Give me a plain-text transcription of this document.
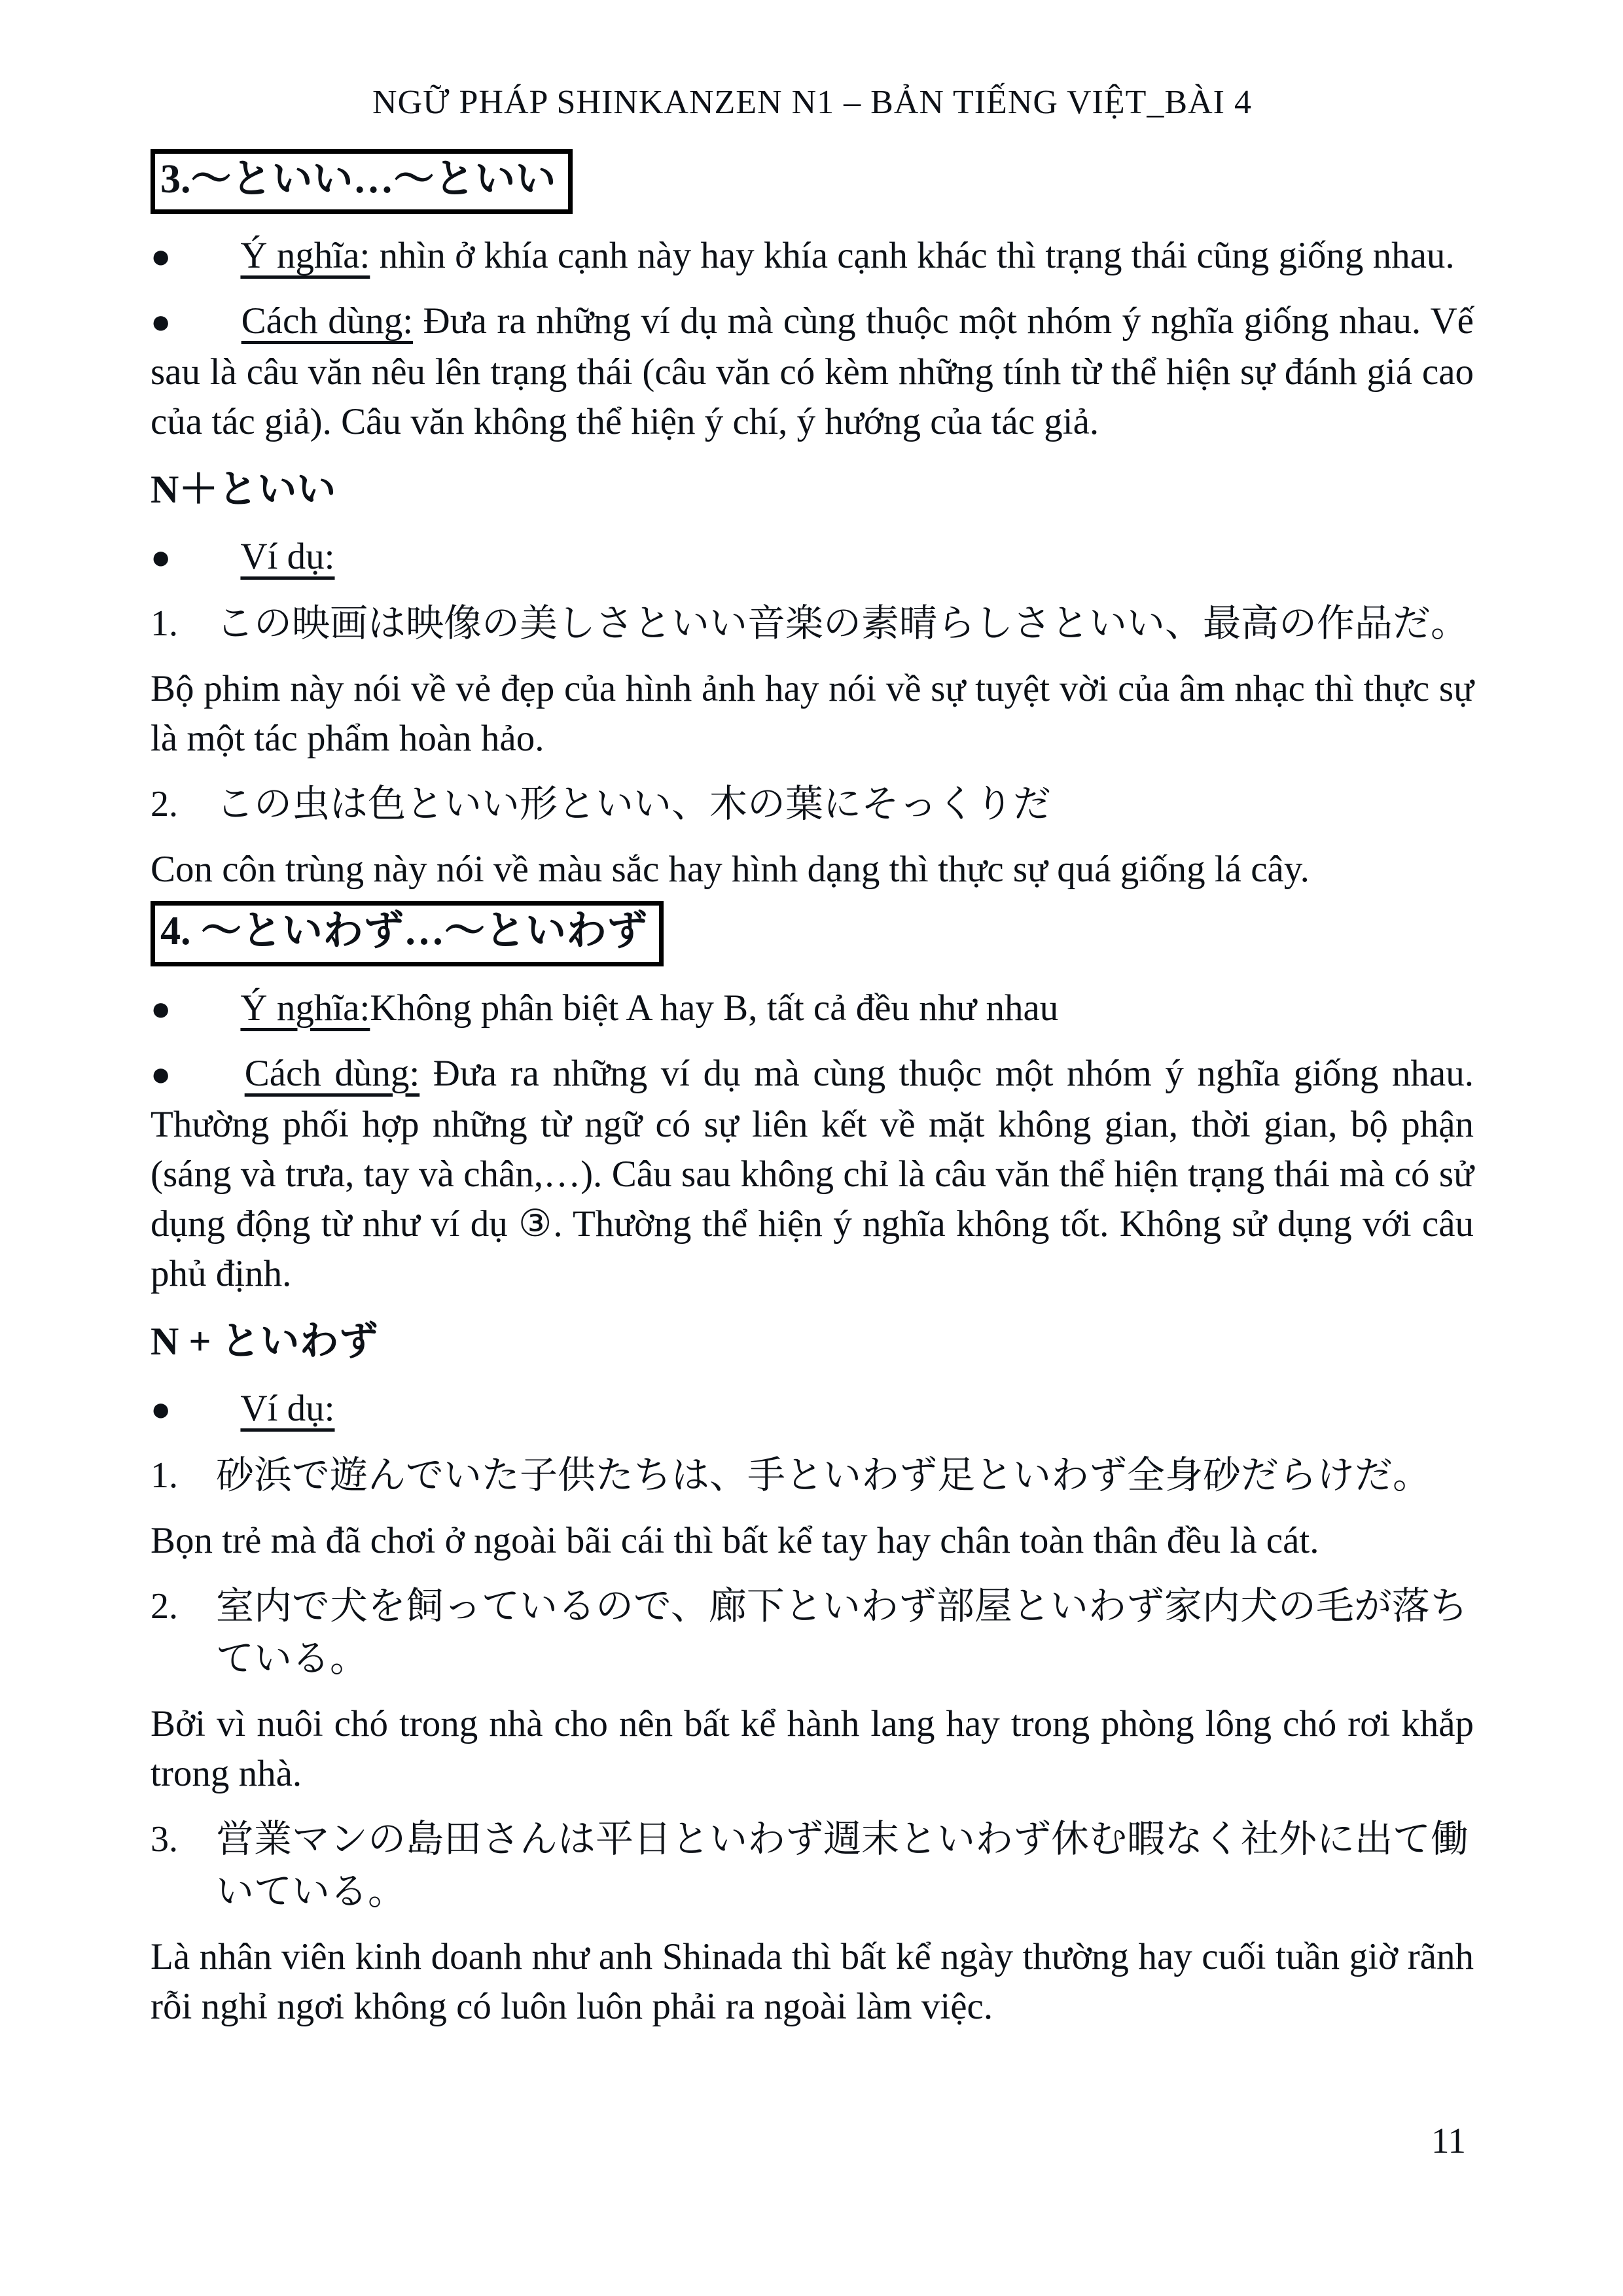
NGỮ PHÁP SHINKANZEN N1 – BẢN TIẾNG VIỆT_BÀI 4
3.～といい…～といい

● Ý nghĩa: nhìn ở khía cạnh này hay khía cạnh khác thì trạng thái cũng giống nhau.

● Cách dùng: Đưa ra những ví dụ mà cùng thuộc một nhóm ý nghĩa giống nhau. Vế sau là câu văn nêu lên trạng thái (câu văn có kèm những tính từ thể hiện sự đánh giá cao của tác giả). Câu văn không thể hiện ý chí, ý hướng của tác giả.

N＋といい

● Ví dụ:

1.	この映画は映像の美しさといい音楽の素晴らしさといい、最高の作品だ。

Bộ phim này nói về vẻ đẹp của hình ảnh hay nói về sự tuyệt vời của âm nhạc thì thực sự là một tác phẩm hoàn hảo.

2.	この虫は色といい形といい、木の葉にそっくりだ

Con côn trùng này nói về màu sắc hay hình dạng thì thực sự quá giống lá cây.

4. ～といわず…～といわず

● Ý nghĩa:Không phân biệt A hay B, tất cả đều như nhau

● Cách dùng: Đưa ra những ví dụ mà cùng thuộc một nhóm ý nghĩa giống nhau. Thường phối hợp những từ ngữ có sự liên kết về mặt không gian, thời gian, bộ phận (sáng và trưa, tay và chân,…). Câu sau không chỉ là câu văn thể hiện trạng thái mà có sử dụng động từ như ví dụ ③. Thường thể hiện ý nghĩa không tốt. Không sử dụng với câu phủ định.

N + といわず

● Ví dụ:

1.	砂浜で遊んでいた子供たちは、手といわず足といわず全身砂だらけだ。

Bọn trẻ mà đã chơi ở ngoài bãi cái thì bất kể tay hay chân toàn thân đều là cát.

2.	室内で犬を飼っているので、廊下といわず部屋といわず家内犬の毛が落ちている。

Bởi vì nuôi chó trong nhà cho nên bất kể hành lang hay trong phòng lông chó rơi khắp trong nhà.

3.	営業マンの島田さんは平日といわず週末といわず休む暇なく社外に出て働いている。

Là nhân viên kinh doanh như anh Shinada thì bất kể ngày thường hay cuối tuần giờ rãnh rỗi nghỉ ngơi không có luôn luôn phải ra ngoài làm việc.

11
